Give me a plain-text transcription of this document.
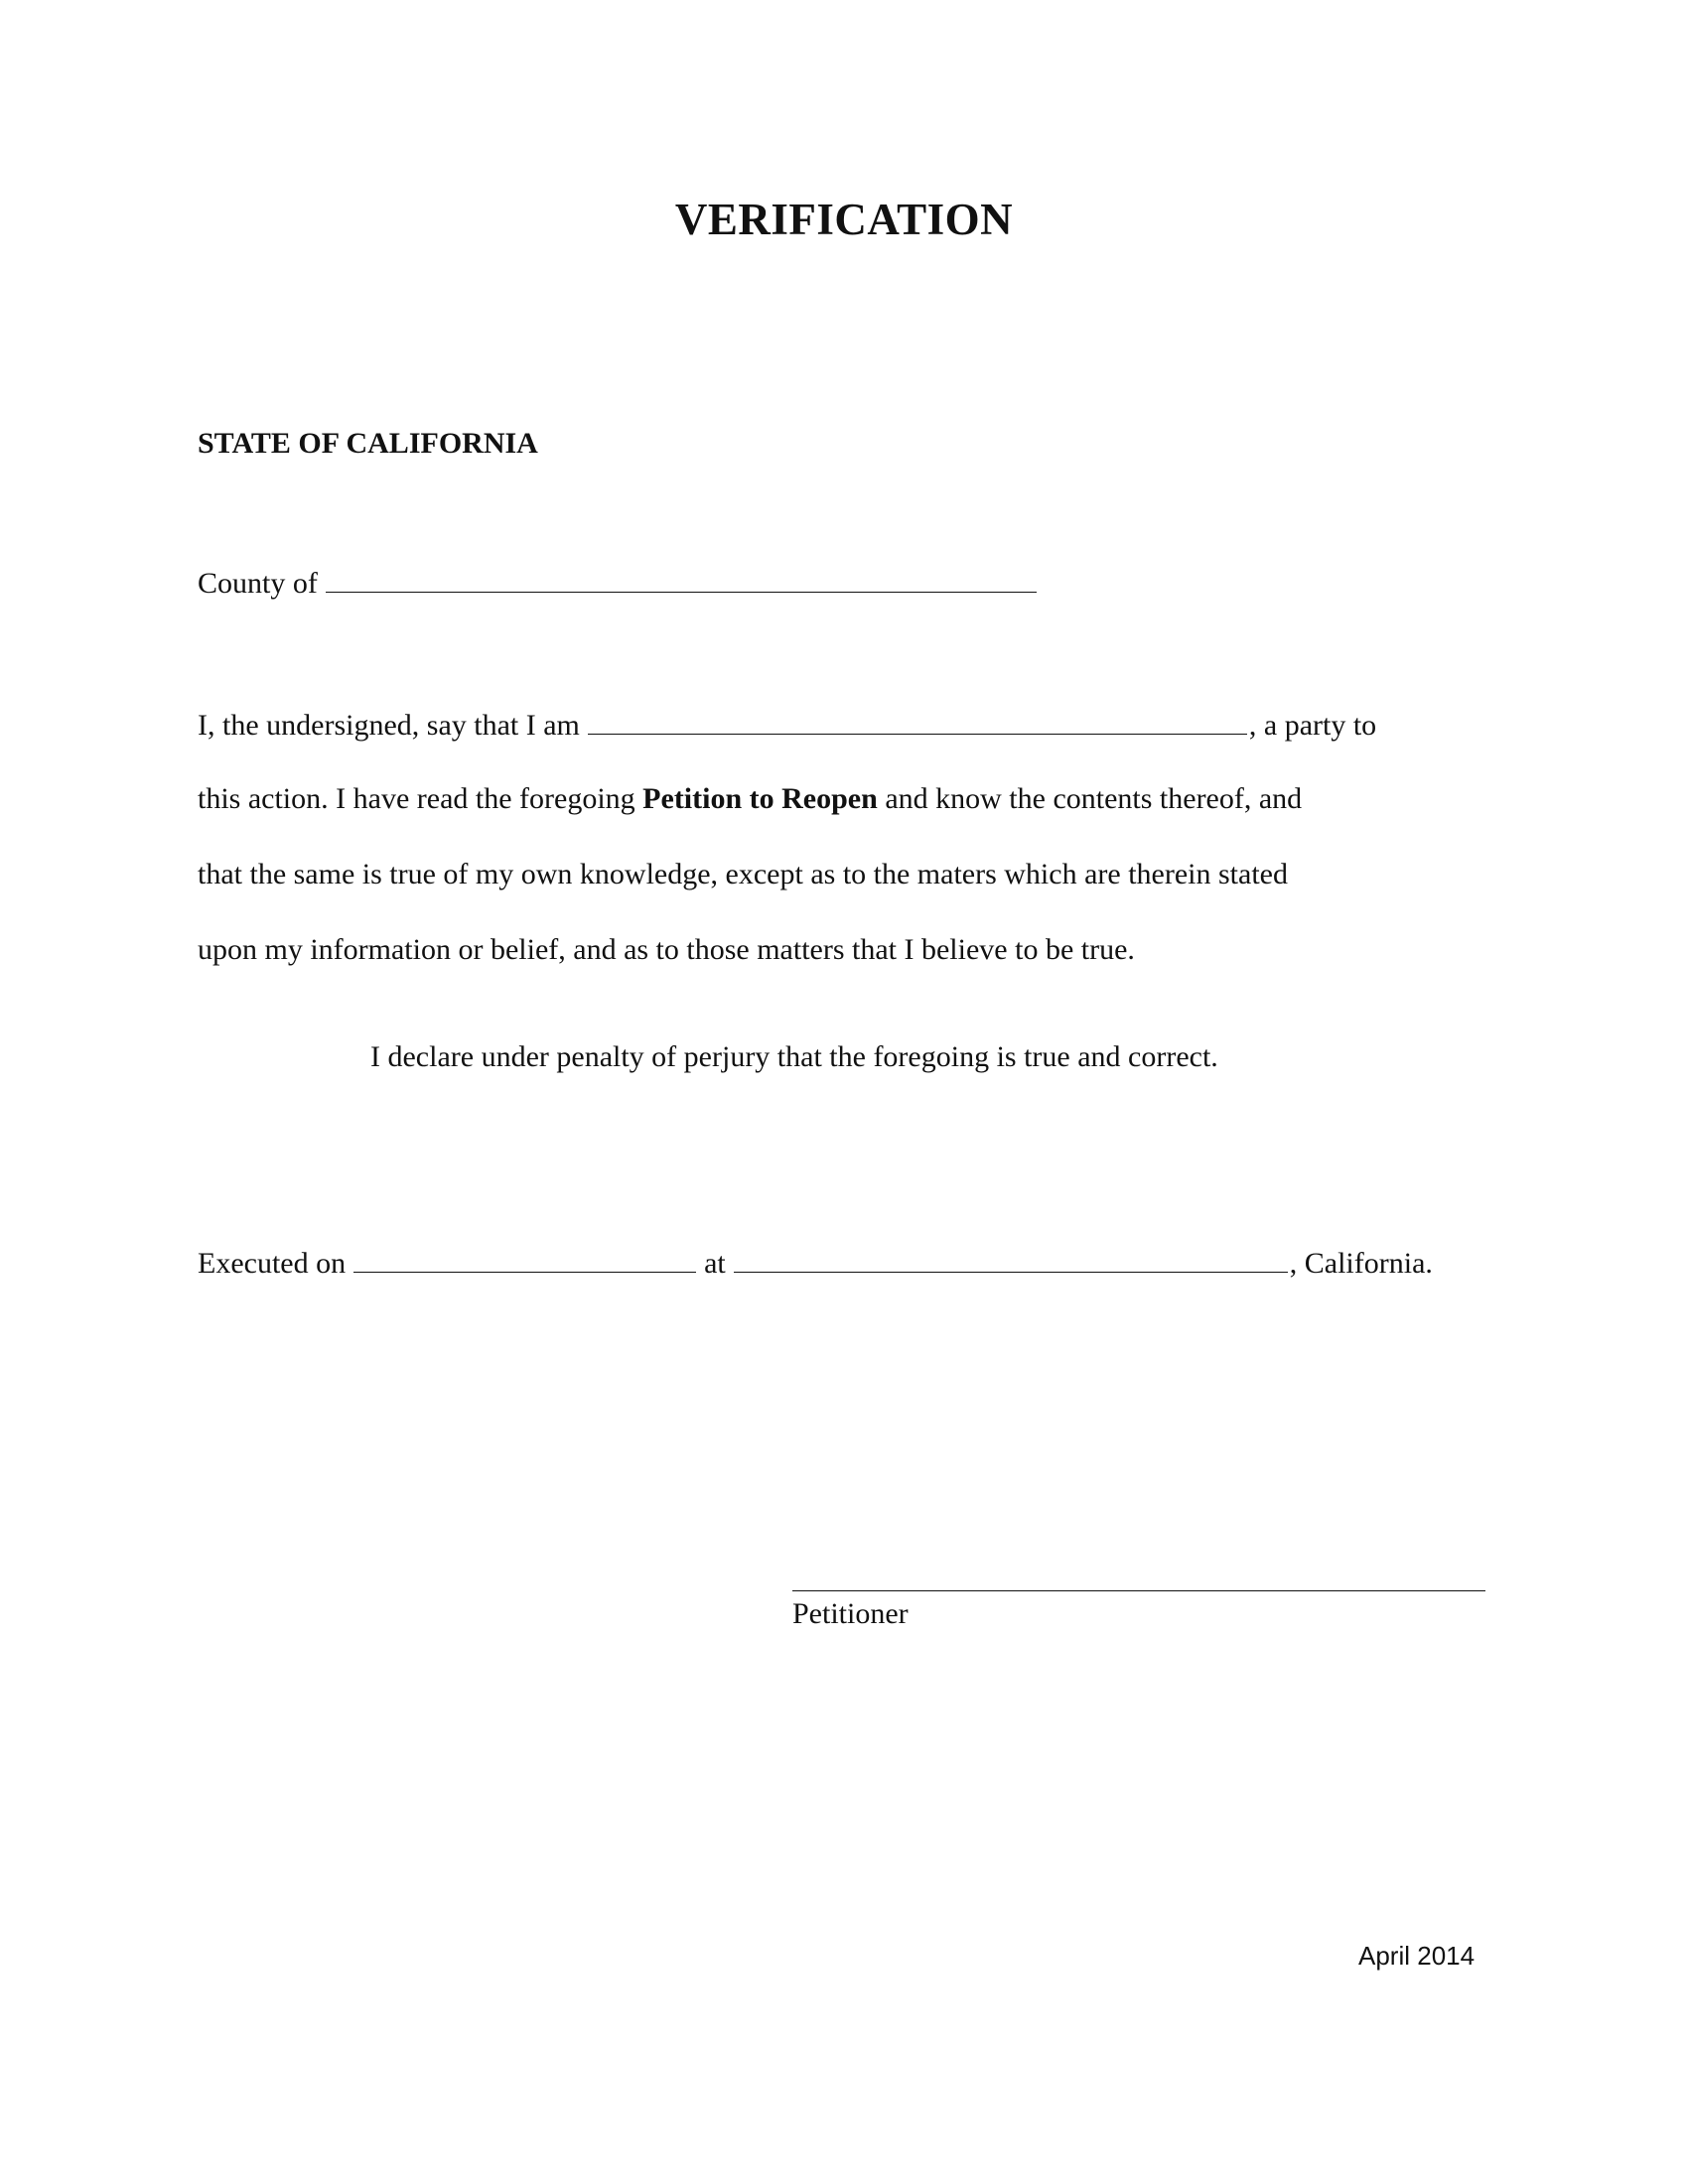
VERIFICATION
STATE OF CALIFORNIA
County of
I, the undersigned, say that I am	, a party to
this action. I have read the foregoing Petition to Reopen and know the contents thereof, and
that the same is true of my own knowledge, except as to the maters which are therein stated
upon my information or belief, and as to those matters that I believe to be true.
I declare under penalty of perjury that the foregoing is true and correct.
Executed on	at	, California.
Petitioner
April 2014
